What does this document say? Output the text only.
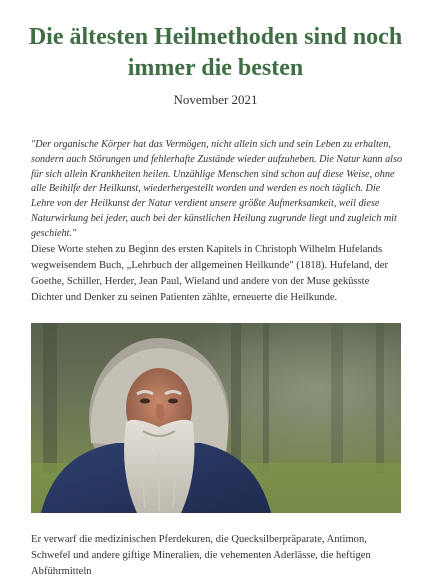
Die ältesten Heilmethoden sind noch immer die besten
November 2021

"Der organische Körper hat das Vermögen, nicht allein sich und sein Leben zu erhalten, sondern auch Störungen und fehlerhafte Zustände wieder aufzuheben. Die Natur kann also für sich allein Krankheiten heilen. Unzählige Menschen sind schon auf diese Weise, ohne alle Beihilfe der Heilkunst, wiederhergestellt worden und werden es noch täglich. Die Lehre von der Heilkunst der Natur verdient unsere größte Aufmerksamkeit, weil diese Naturwirkung bei jeder, auch bei der künstlichen Heilung zugrunde liegt und zugleich mit geschieht."

Diese Worte stehen zu Beginn des ersten Kapitels in Christoph Wilhelm Hufelands wegweisendem Buch, „Lehrbuch der allgemeinen Heilkunde" (1818). Hufeland, der Goethe, Schiller, Herder, Jean Paul, Wieland und andere von der Muse geküsste Dichter und Denker zu seinen Patienten zählte, erneuerte die Heilkunde.

Er verwarf die medizinischen Pferdekuren, die Quecksilberpräparate, Antimon, Schwefel und andere giftige Mineralien, die vehementen Aderlässe, die heftigen Abführmitteln
